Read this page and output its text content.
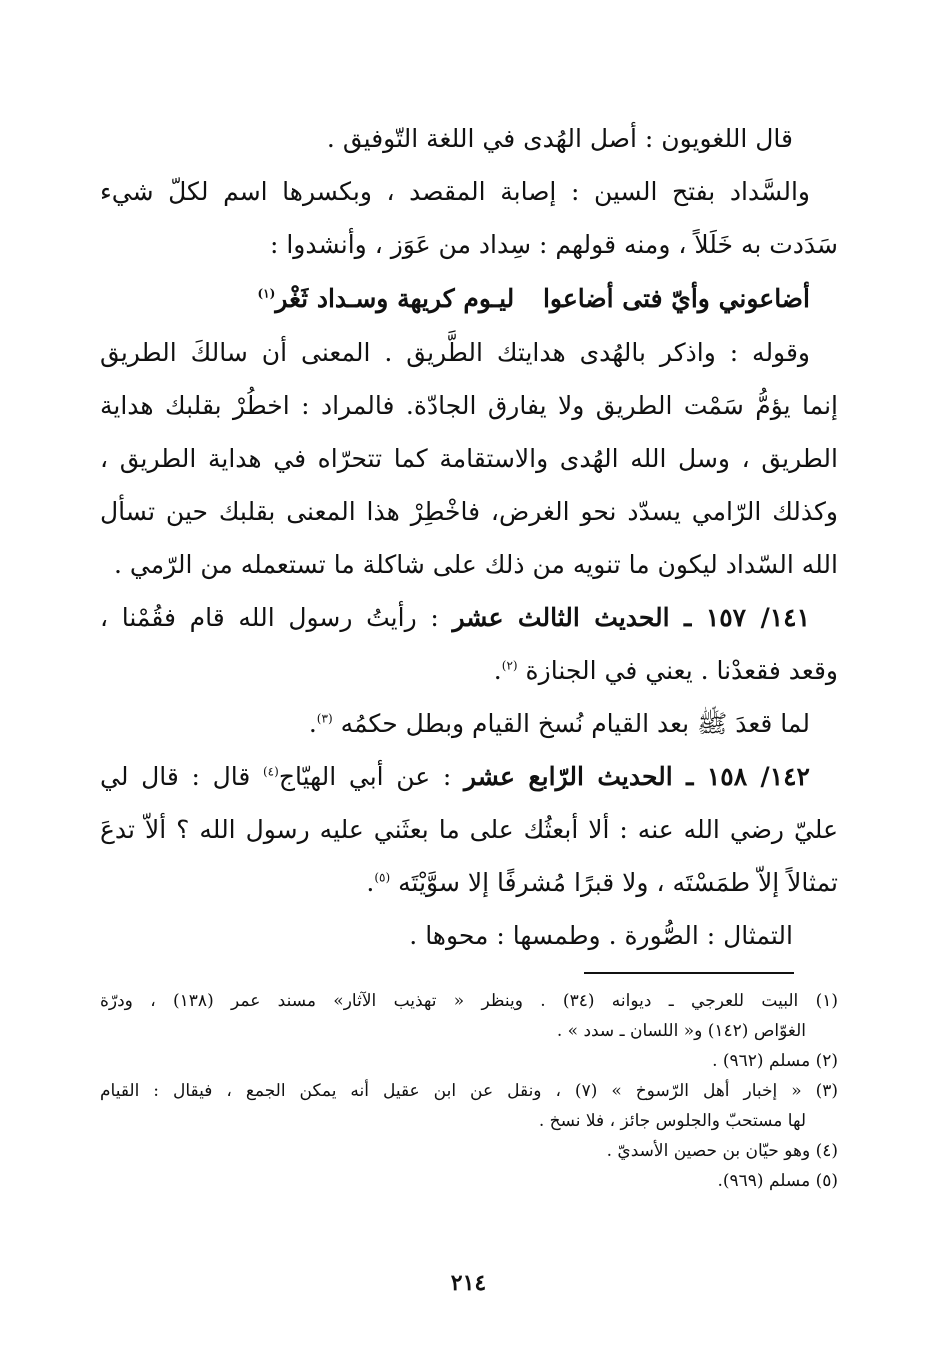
قال اللغويون : أصل الهُدى في اللغة التّوفيق .
والسَّداد بفتح السين : إصابة المقصد ، وبكسرها اسم لكلّ شيء
سَدَدت به خَلَلاً ، ومنه قولهم : سِداد من عَوَز ، وأنشدوا :
أضاعوني وأيّ فتى أضاعوا ليـوم كريهة وسـداد ثَغْر$^{(١)}$
وقوله : واذكر بالهُدى هدايتك الطَّريق . المعنى أن سالكَ الطريق
إنما يؤمُّ سَمْت الطريق ولا يفارق الجادّة. فالمراد : اخطُرْ بقلبك هداية
الطريق ، وسل الله الهُدى والاستقامة كما تتحرّاه في هداية الطريق ،
وكذلك الرّامي يسدّد نحو الغرض، فاخْطِرْ هذا المعنى بقلبك حين تسأل
الله السّداد ليكون ما تنويه من ذلك على شاكلة ما تستعمله من الرّمي .
١٤١/ ١٥٧ ـ الحديث الثالث عشر : رأيتُ رسول الله قام فقُمْنا ،
وقعد فقعدْنا . يعني في الجنازة $^{(٢)}$.
لما قعدَ ﷺ بعد القيام نُسخ القيام وبطل حكمُه $^{(٣)}$.
١٤٢/ ١٥٨ ـ الحديث الرّابع عشر : عن أبي الهيّاج$^{(٤)}$ قال : قال لي
عليّ رضي الله عنه : ألا أبعثُك على ما بعثَني عليه رسول الله ؟ ألاّ تدعَ
تمثالاً إلاّ طمَسْتَه ، ولا قبرًا مُشرفًا إلا سوَّيْتَه $^{(٥)}$.
التمثال : الصُّورة . وطمسها : محوها .
(١) البيت للعرجي ـ ديوانه (٣٤) . وينظر « تهذيب الآثار» مسند عمر (١٣٨) ، ودرّة
الغوّاص (١٤٢) و« اللسان ـ سدد » .
(٢) مسلم (٩٦٢) .
(٣) « إخبار أهل الرّسوخ » (٧) ، ونقل عن ابن عقيل أنه يمكن الجمع ، فيقال : القيام
لها مستحبّ والجلوس جائز ، فلا نسخ .
(٤) وهو حيّان بن حصين الأسديّ .
(٥) مسلم (٩٦٩).
٢١٤
